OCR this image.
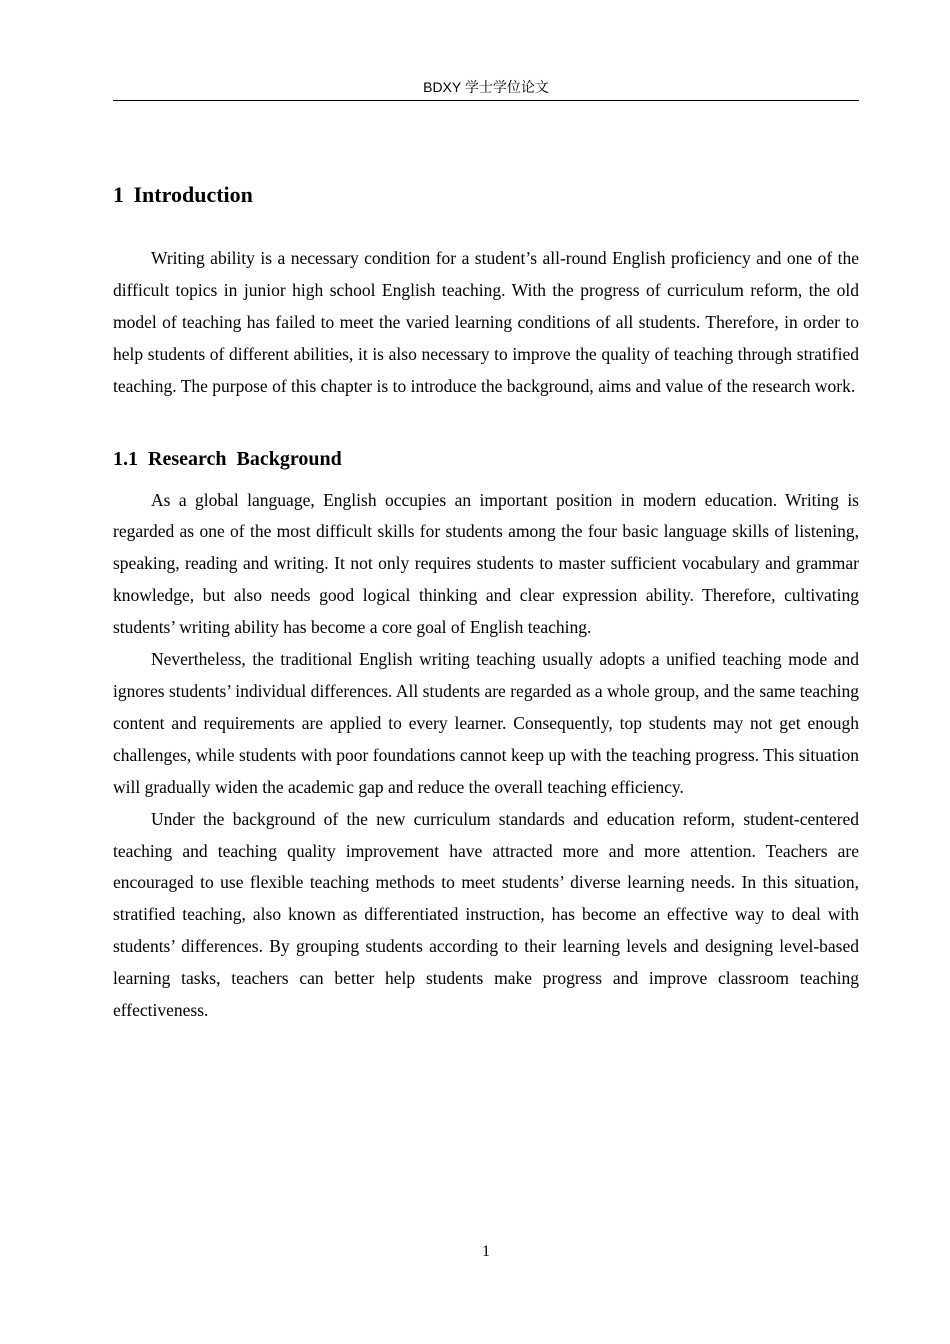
BDXY 学士学位论文
1 Introduction

Writing ability is a necessary condition for a student’s all-round English proficiency and one of the difficult topics in junior high school English teaching. With the progress of curriculum reform, the old model of teaching has failed to meet the varied learning conditions of all students. Therefore, in order to help students of different abilities, it is also necessary to improve the quality of teaching through stratified teaching. The purpose of this chapter is to introduce the background, aims and value of the research work.

1.1 Research Background

As a global language, English occupies an important position in modern education. Writing is regarded as one of the most difficult skills for students among the four basic language skills of listening, speaking, reading and writing. It not only requires students to master sufficient vocabulary and grammar knowledge, but also needs good logical thinking and clear expression ability. Therefore, cultivating students’ writing ability has become a core goal of English teaching.

Nevertheless, the traditional English writing teaching usually adopts a unified teaching mode and ignores students’ individual differences. All students are regarded as a whole group, and the same teaching content and requirements are applied to every learner. Consequently, top students may not get enough challenges, while students with poor foundations cannot keep up with the teaching progress. This situation will gradually widen the academic gap and reduce the overall teaching efficiency.

Under the background of the new curriculum standards and education reform, student-centered teaching and teaching quality improvement have attracted more and more attention. Teachers are encouraged to use flexible teaching methods to meet students’ diverse learning needs. In this situation, stratified teaching, also known as differentiated instruction, has become an effective way to deal with students’ differences. By grouping students according to their learning levels and designing level-based learning tasks, teachers can better help students make progress and improve classroom teaching effectiveness.

1
